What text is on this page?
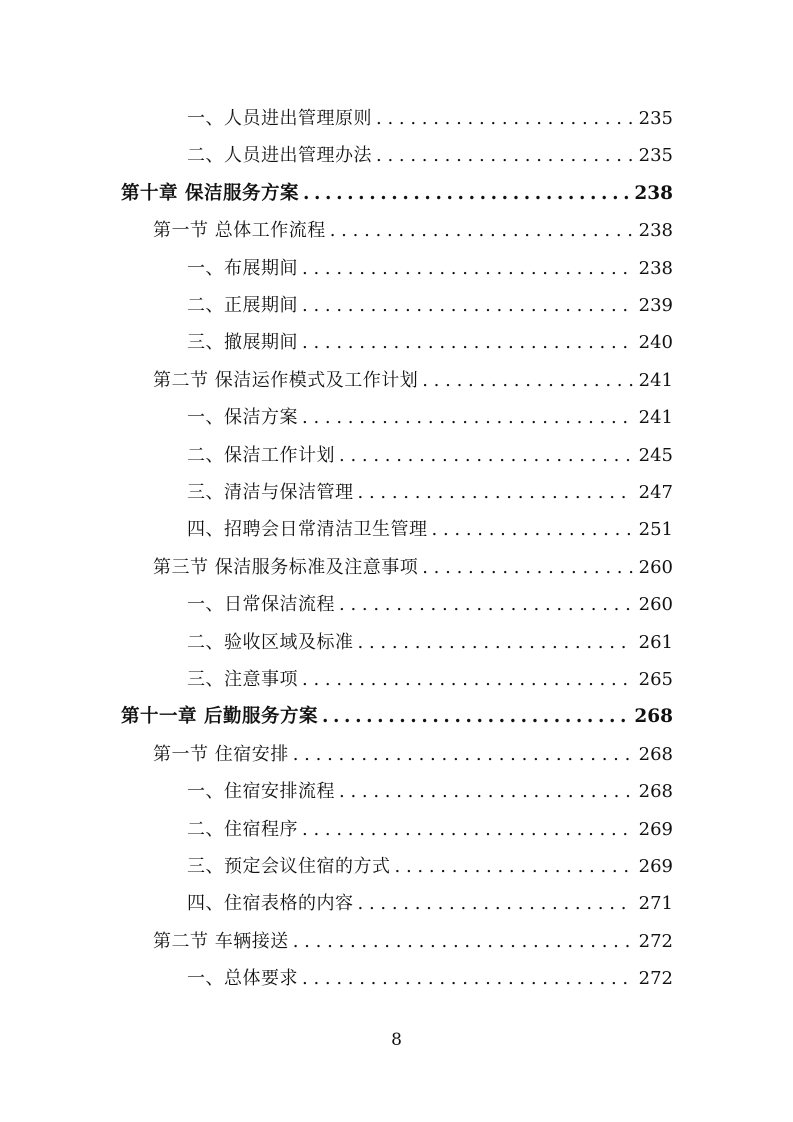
一、人员进出管理原则 . . .	235
二、人员进出管理办法 . . .	235
第十章 保洁服务方案 .....	238
第一节 总体工作流程 . . .	238
一、布展期间 . . .	238
二、正展期间 . . .	239
三、撤展期间 . . .	240
第二节 保洁运作模式及工作计划 . . .	241
一、保洁方案 . . .	241
二、保洁工作计划 . . .	245
三、清洁与保洁管理 . . .	247
四、招聘会日常清洁卫生管理 . . .	251
第三节 保洁服务标准及注意事项 . . .	260
一、日常保洁流程 . . .	260
二、验收区域及标准 . . .	261
三、注意事项 . . .	265
第十一章 后勤服务方案 .....	268
第一节 住宿安排 . . .	268
一、住宿安排流程 . . .	268
二、住宿程序 . . .	269
三、预定会议住宿的方式 . . .	269
四、住宿表格的内容 . . .	271
第二节 车辆接送 . . .	272
一、总体要求 . . .	272
8
